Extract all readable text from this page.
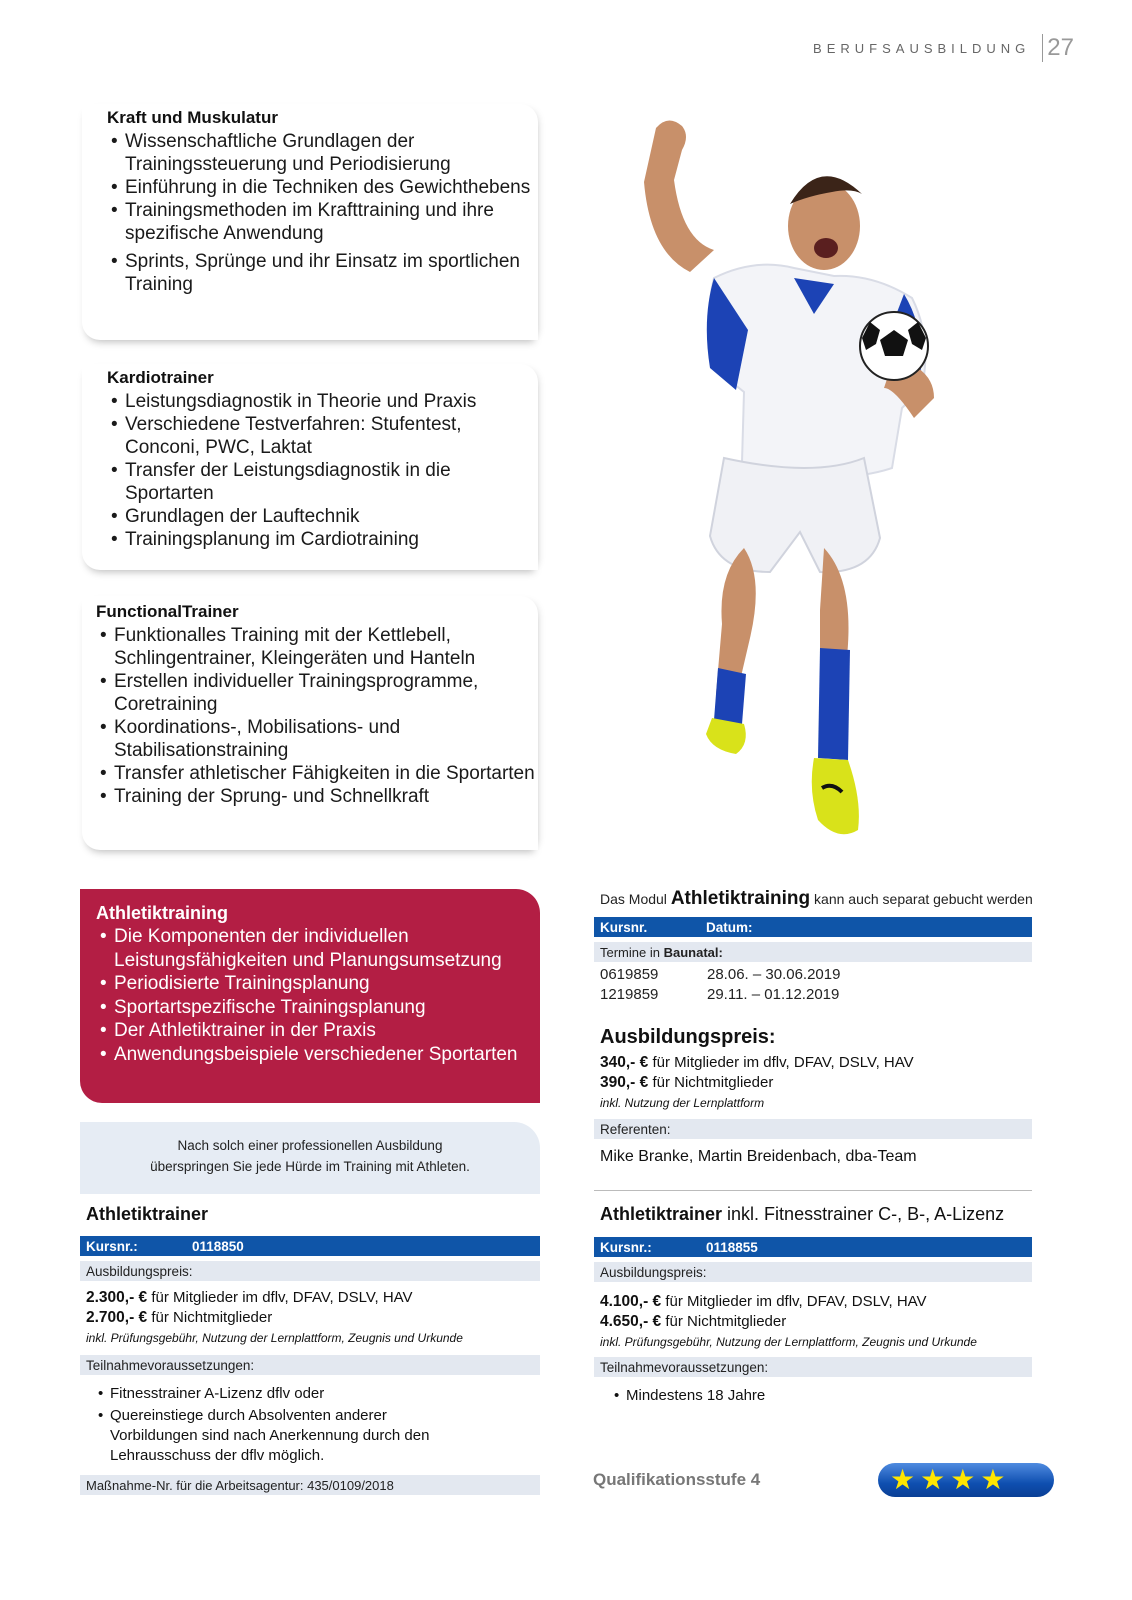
BERUFSAUSBILDUNG 27
Kraft und Muskulatur
• Wissenschaftliche Grundlagen der Trainingssteuerung und Periodisierung
• Einführung in die Techniken des Gewichthebens
• Trainingsmethoden im Krafttraining und ihre spezifische Anwendung
• Sprints, Sprünge und ihr Einsatz im sportlichen Training
Kardiotrainer
• Leistungsdiagnostik in Theorie und Praxis
• Verschiedene Testverfahren: Stufentest, Conconi, PWC, Laktat
• Transfer der Leistungsdiagnostik in die Sportarten
• Grundlagen der Lauftechnik
• Trainingsplanung im Cardiotraining
FunctionalTrainer
• Funktionalles Training mit der Kettlebell, Schlingentrainer, Kleingeräten und Hanteln
• Erstellen individueller Trainingsprogramme, Coretraining
• Koordinations-, Mobilisations- und Stabilisationstraining
• Transfer athletischer Fähigkeiten in die Sportarten
• Training der Sprung- und Schnellkraft
Athletiktraining
• Die Komponenten der individuellen Leistungsfähigkeiten und Planungsumsetzung
• Periodisierte Trainingsplanung
• Sportartspezifische Trainingsplanung
• Der Athletiktrainer in der Praxis
• Anwendungsbeispiele verschiedener Sportarten
Nach solch einer professionellen Ausbildung
überspringen Sie jede Hürde im Training mit Athleten.
Das Modul Athletiktraining kann auch separat gebucht werden
Kursnr.	Datum:
Termine in
Baunatal:
0619859	28.06. – 30.06.2019
1219859	29.11. – 01.12.2019
Ausbildungspreis:
340,- € für Mitglieder im dflv, DFAV, DSLV, HAV
390,- € für Nichtmitglieder
inkl. Nutzung der Lernplattform
Referenten:
Mike Branke, Martin Breidenbach, dba-Team
Athletiktrainer
Kursnr.:	0118850
Ausbildungspreis:
2.300,- € für Mitglieder im dflv, DFAV, DSLV, HAV
2.700,- € für Nichtmitglieder
inkl. Prüfungsgebühr, Nutzung der Lernplattform, Zeugnis und Urkunde
Teilnahmevoraussetzungen:
• Fitnesstrainer A-Lizenz dflv oder
• Quereinstiege durch Absolventen anderer Vorbildungen sind nach Anerkennung durch den Lehrausschuss der dflv möglich.
Maßnahme-Nr. für die Arbeitsagentur: 435/0109/2018
Athletiktrainer inkl. Fitnesstrainer C-, B-, A-Lizenz
Kursnr.:	0118855
Ausbildungspreis:
4.100,- € für Mitglieder im dflv, DFAV, DSLV, HAV
4.650,- € für Nichtmitglieder
inkl. Prüfungsgebühr, Nutzung der Lernplattform, Zeugnis und Urkunde
Teilnahmevoraussetzungen:
• Mindestens 18 Jahre
Qualifikationsstufe 4	★ ★ ★ ★
